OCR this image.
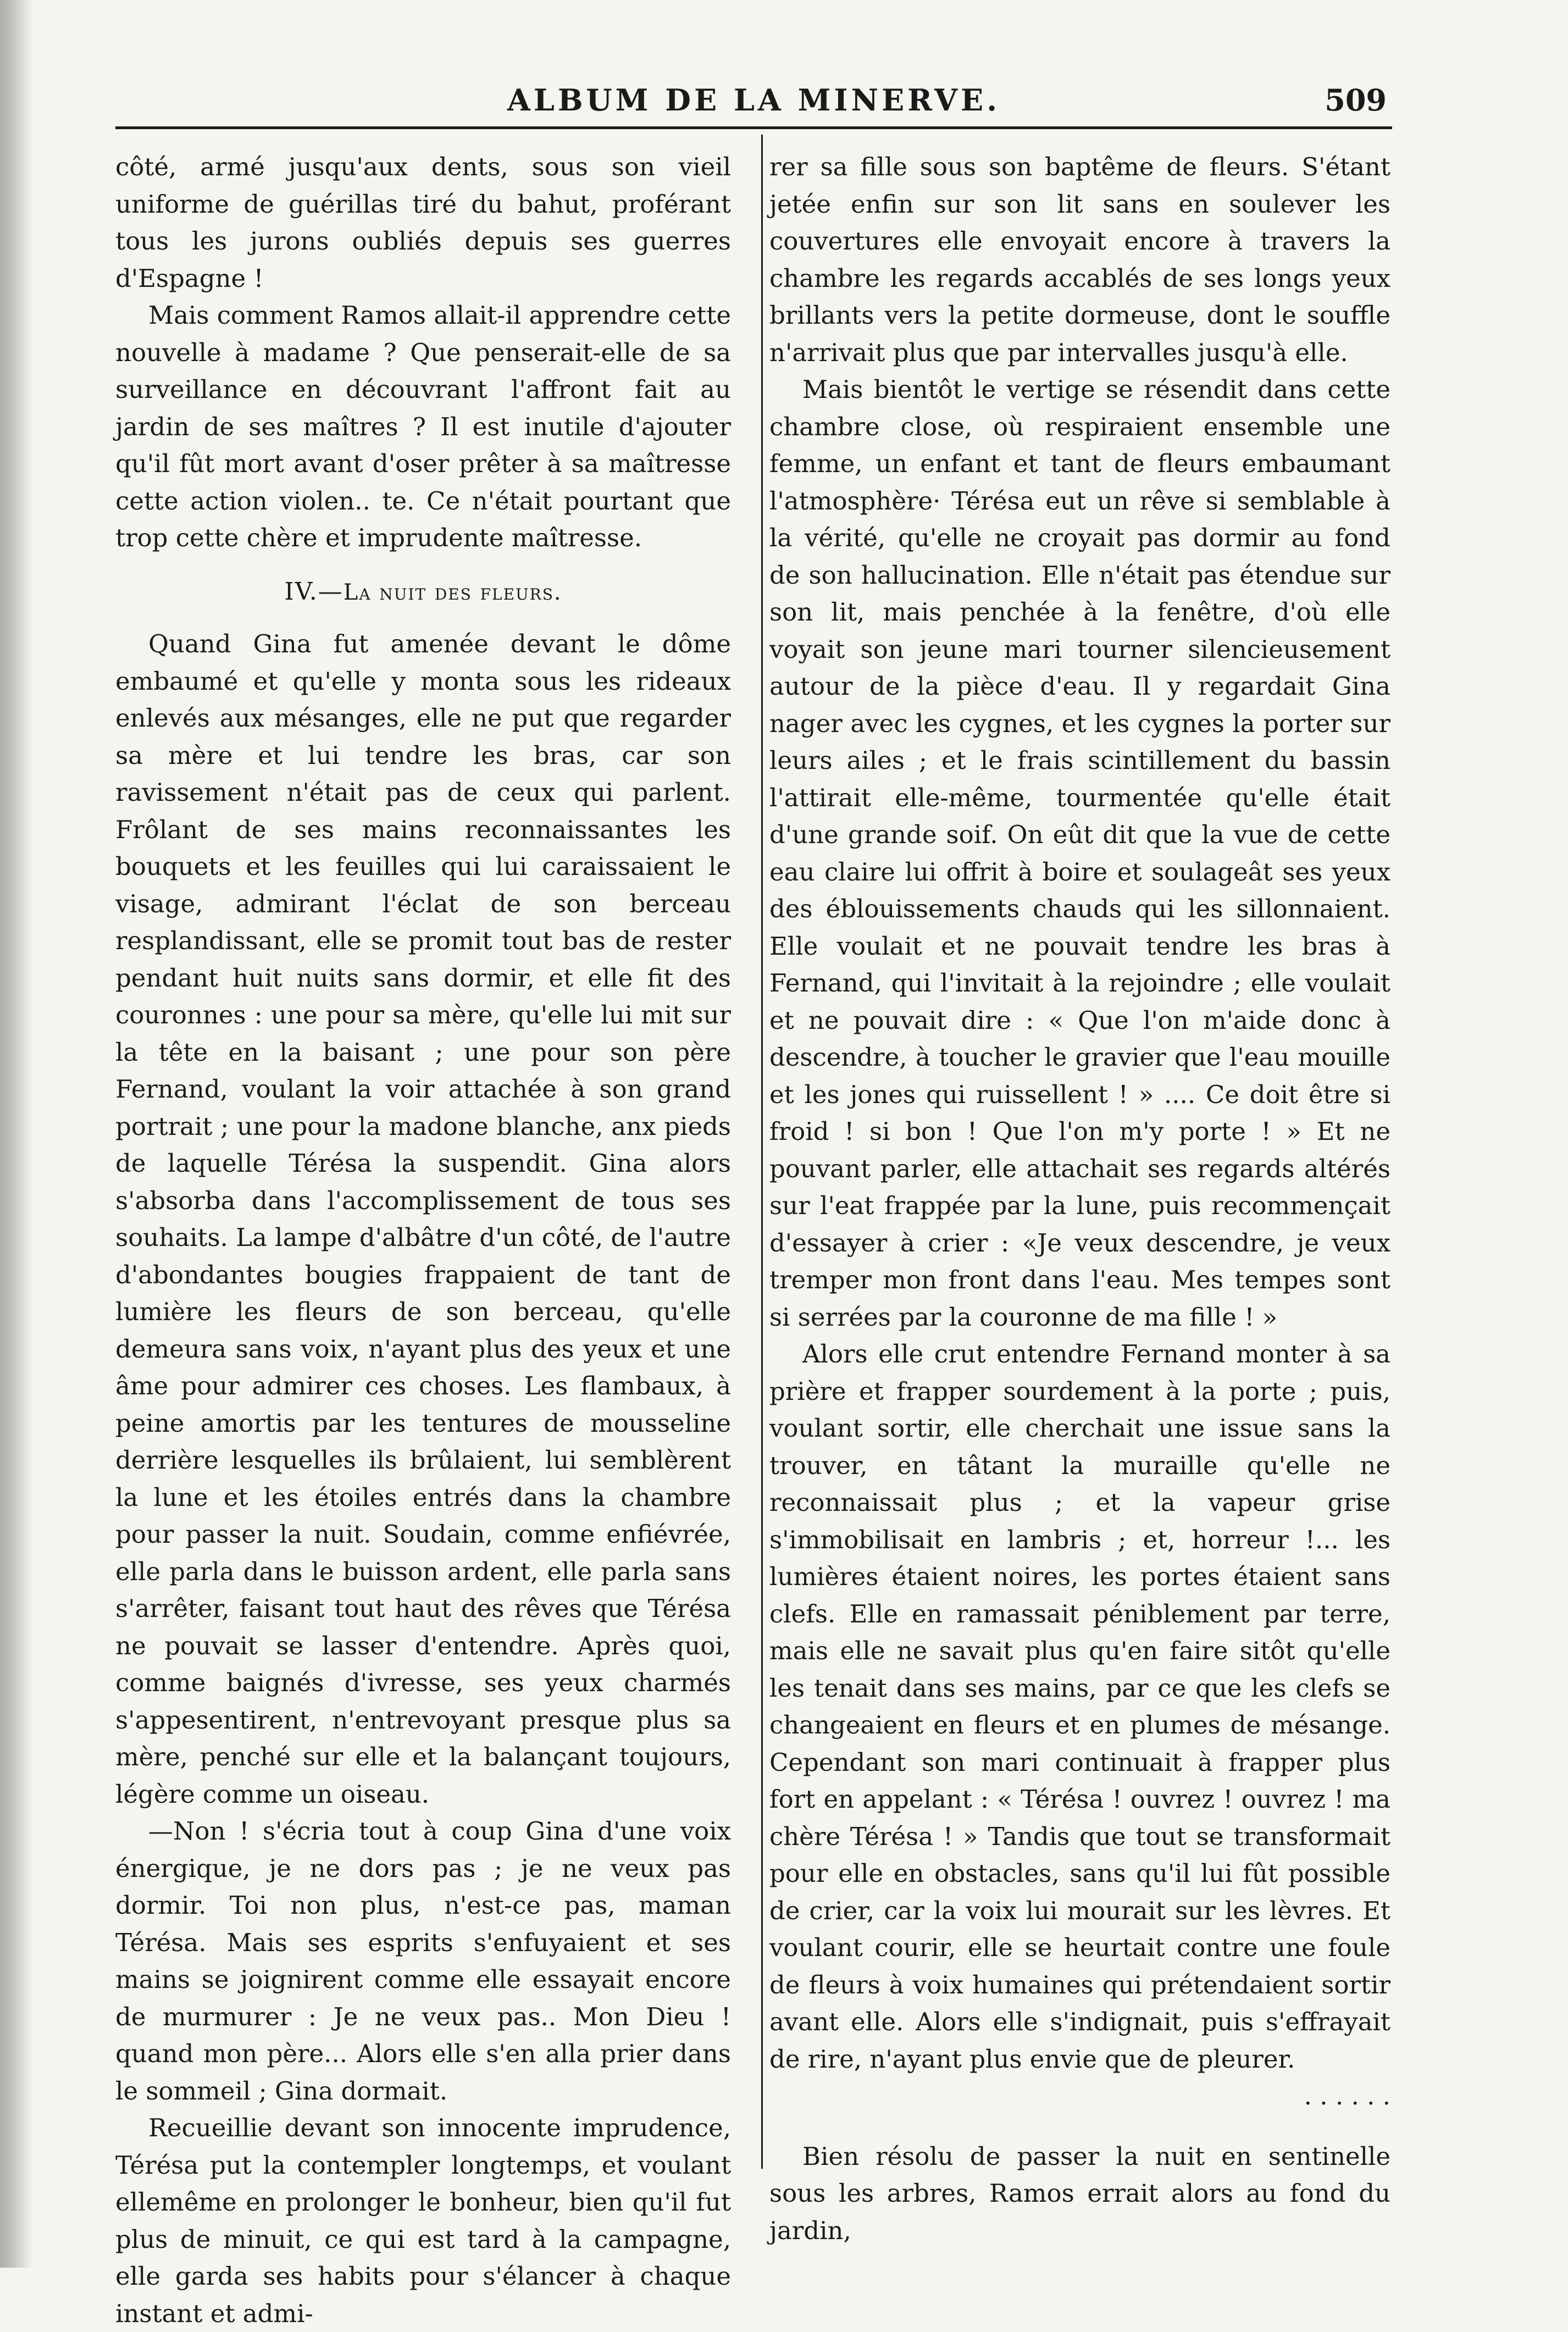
ALBUM DE LA MINERVE.	509

côté, armé jusqu'aux dents, sous son vieil uniforme de guérillas tiré du bahut, proférant tous les jurons oubliés depuis ses guerres d'Espagne !

Mais comment Ramos allait-il apprendre cette nouvelle à madame ? Que penserait-elle de sa surveillance en découvrant l'affront fait au jardin de ses maîtres ? Il est inutile d'ajouter qu'il fût mort avant d'oser prêter à sa maîtresse cette action violen.. te. Ce n'était pourtant que trop cette chère et imprudente maîtresse.

IV.—La nuit des fleurs.

Quand Gina fut amenée devant le dôme embaumé et qu'elle y monta sous les rideaux enlevés aux mésanges, elle ne put que regarder sa mère et lui tendre les bras, car son ravissement n'était pas de ceux qui parlent. Frôlant de ses mains reconnaissantes les bouquets et les feuilles qui lui caraissaient le visage, admirant l'éclat de son berceau resplandissant, elle se promit tout bas de rester pendant huit nuits sans dormir, et elle fit des couronnes : une pour sa mère, qu'elle lui mit sur la tête en la baisant ; une pour son père Fernand, voulant la voir attachée à son grand portrait ; une pour la madone blanche, anx pieds de laquelle Térésa la suspendit. Gina alors s'absorba dans l'accomplissement de tous ses souhaits. La lampe d'albâtre d'un côté, de l'autre d'abondantes bougies frappaient de tant de lumière les fleurs de son berceau, qu'elle demeura sans voix, n'ayant plus des yeux et une âme pour admirer ces choses. Les flambaux, à peine amortis par les tentures de mousseline derrière lesquelles ils brûlaient, lui semblèrent la lune et les étoiles entrés dans la chambre pour passer la nuit. Soudain, comme enfiévrée, elle parla dans le buisson ardent, elle parla sans s'arrêter, faisant tout haut des rêves que Térésa ne pouvait se lasser d'entendre. Après quoi, comme baignés d'ivresse, ses yeux charmés s'appesentirent, n'entrevoyant presque plus sa mère, penché sur elle et la balançant toujours, légère comme un oiseau.

—Non ! s'écria tout à coup Gina d'une voix énergique, je ne dors pas ; je ne veux pas dormir. Toi non plus, n'est-ce pas, maman Térésa. Mais ses esprits s'enfuyaient et ses mains se joignirent comme elle essayait encore de murmurer : Je ne veux pas.. Mon Dieu ! quand mon père... Alors elle s'en alla prier dans le sommeil ; Gina dormait.

Recueillie devant son innocente imprudence, Térésa put la contempler longtemps, et voulant ellemême en prolonger le bonheur, bien qu'il fut plus de minuit, ce qui est tard à la campagne, elle garda ses habits pour s'élancer à chaque instant et admi-

rer sa fille sous son baptême de fleurs. S'étant jetée enfin sur son lit sans en soulever les couvertures elle envoyait encore à travers la chambre les regards accablés de ses longs yeux brillants vers la petite dormeuse, dont le souffle n'arrivait plus que par intervalles jusqu'à elle.

Mais bientôt le vertige se résendit dans cette chambre close, où respiraient ensemble une femme, un enfant et tant de fleurs embaumant l'atmosphère· Térésa eut un rêve si semblable à la vérité, qu'elle ne croyait pas dormir au fond de son hallucination. Elle n'était pas étendue sur son lit, mais penchée à la fenêtre, d'où elle voyait son jeune mari tourner silencieusement autour de la pièce d'eau. Il y regardait Gina nager avec les cygnes, et les cygnes la porter sur leurs ailes ; et le frais scintillement du bassin l'attirait elle-même, tourmentée qu'elle était d'une grande soif. On eût dit que la vue de cette eau claire lui offrit à boire et soulageât ses yeux des éblouissements chauds qui les sillonnaient. Elle voulait et ne pouvait tendre les bras à Fernand, qui l'invitait à la rejoindre ; elle voulait et ne pouvait dire : « Que l'on m'aide donc à descendre, à toucher le gravier que l'eau mouille et les jones qui ruissellent ! » .... Ce doit être si froid ! si bon ! Que l'on m'y porte ! » Et ne pouvant parler, elle attachait ses regards altérés sur l'eat frappée par la lune, puis recommençait d'essayer à crier : «Je veux descendre, je veux tremper mon front dans l'eau. Mes tempes sont si serrées par la couronne de ma fille ! »

Alors elle crut entendre Fernand monter à sa prière et frapper sourdement à la porte ; puis, voulant sortir, elle cherchait une issue sans la trouver, en tâtant la muraille qu'elle ne reconnaissait plus ; et la vapeur grise s'immobilisait en lambris ; et, horreur !... les lumières étaient noires, les portes étaient sans clefs. Elle en ramassait péniblement par terre, mais elle ne savait plus qu'en faire sitôt qu'elle les tenait dans ses mains, par ce que les clefs se changeaient en fleurs et en plumes de mésange. Cependant son mari continuait à frapper plus fort en appelant : « Térésa ! ouvrez ! ouvrez ! ma chère Térésa ! » Tandis que tout se transformait pour elle en obstacles, sans qu'il lui fût possible de crier, car la voix lui mourait sur les lèvres. Et voulant courir, elle se heurtait contre une foule de fleurs à voix humaines qui prétendaient sortir avant elle. Alors elle s'indignait, puis s'effrayait de rire, n'ayant plus envie que de pleurer.

. . . . . .

Bien résolu de passer la nuit en sentinelle sous les arbres, Ramos errait alors au fond du jardin,
